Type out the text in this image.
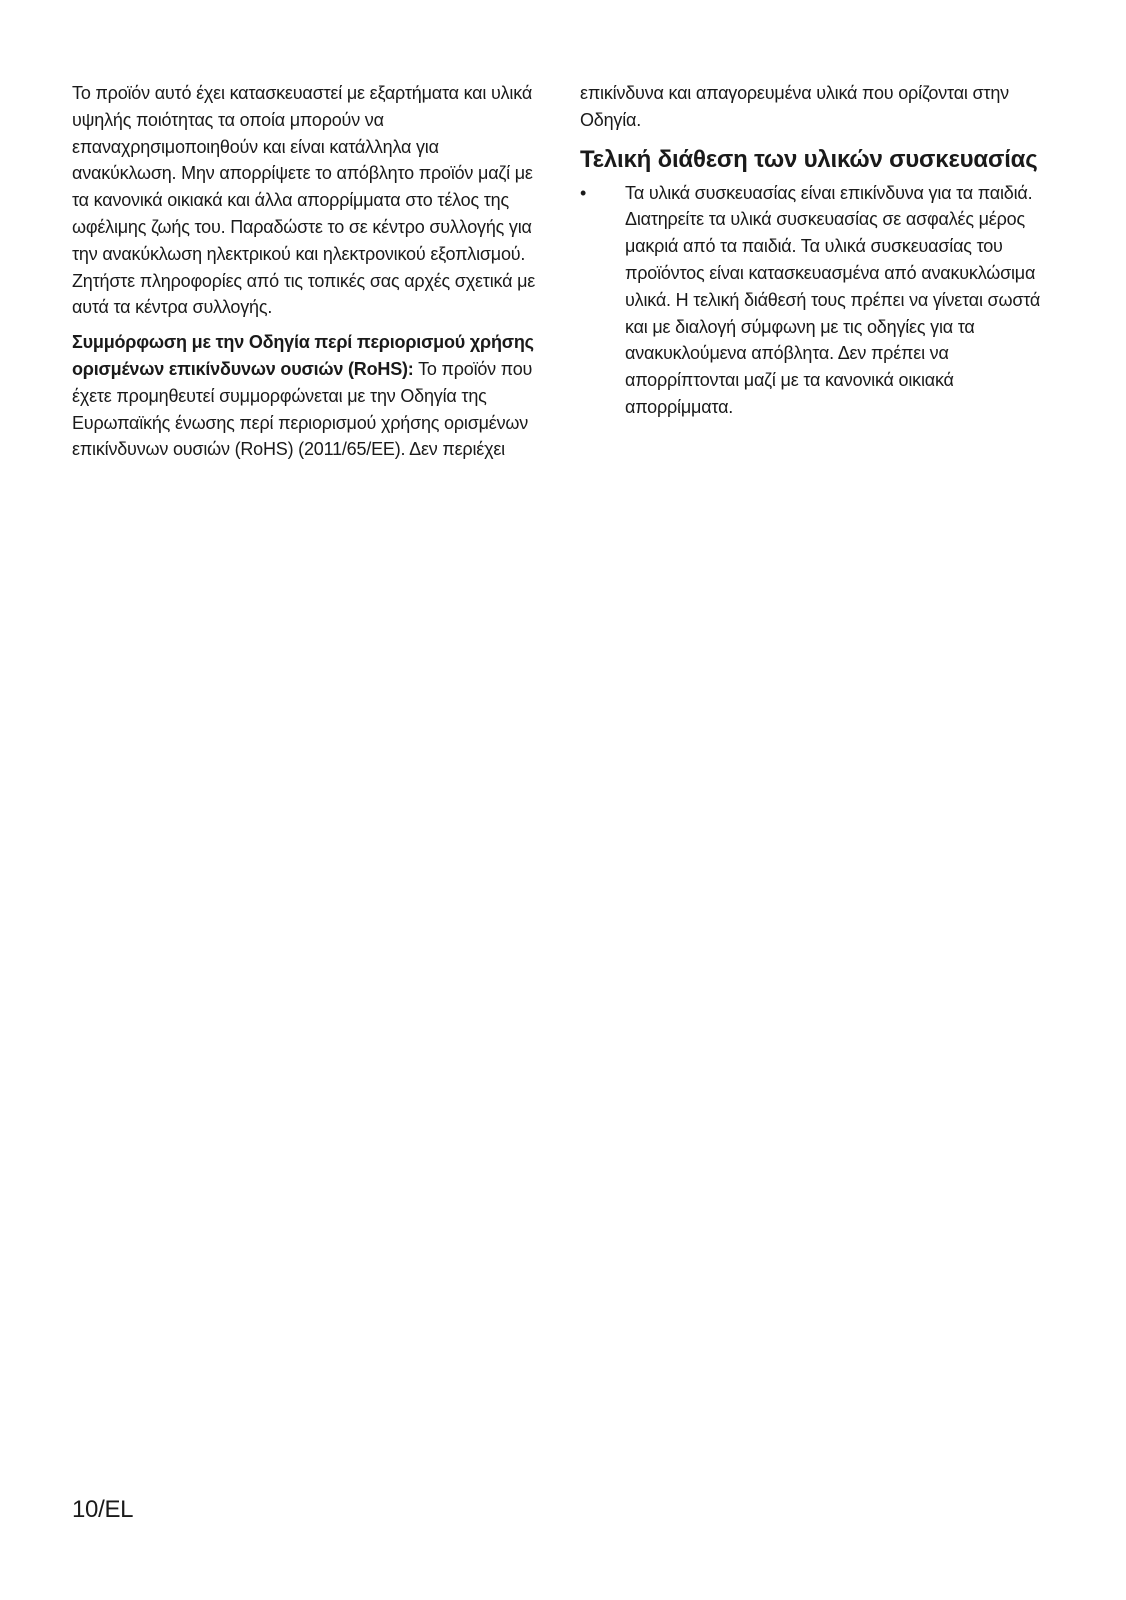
Το προϊόν αυτό έχει κατασκευαστεί με εξαρτήματα και υλικά υψηλής ποιότητας τα οποία μπορούν να επαναχρησιμοποιηθούν και είναι κατάλληλα για ανακύκλωση. Μην απορρίψετε το απόβλητο προϊόν μαζί με τα κανονικά οικιακά και άλλα απορρίμματα στο τέλος της ωφέλιμης ζωής του. Παραδώστε το σε κέντρο συλλογής για την ανακύκλωση ηλεκτρικού και ηλεκτρονικού εξοπλισμού. Ζητήστε πληροφορίες από τις τοπικές σας αρχές σχετικά με αυτά τα κέντρα συλλογής.

Συμμόρφωση με την Οδηγία περί περιορισμού χρήσης ορισμένων επικίνδυνων ουσιών (RoHS): Το προϊόν που έχετε προμηθευτεί συμμορφώνεται με την Οδηγία της Ευρωπαϊκής ένωσης περί περιορισμού χρήσης ορισμένων επικίνδυνων ουσιών (RoHS) (2011/65/ΕΕ). Δεν περιέχει

επικίνδυνα και απαγορευμένα υλικά που ορίζονται στην Οδηγία.

Τελική διάθεση των υλικών συσκευασίας
• Τα υλικά συσκευασίας είναι επικίνδυνα για τα παιδιά. Διατηρείτε τα υλικά συσκευασίας σε ασφαλές μέρος μακριά από τα παιδιά. Τα υλικά συσκευασίας του προϊόντος είναι κατασκευασμένα από ανακυκλώσιμα υλικά. Η τελική διάθεσή τους πρέπει να γίνεται σωστά και με διαλογή σύμφωνη με τις οδηγίες για τα ανακυκλούμενα απόβλητα. Δεν πρέπει να απορρίπτονται μαζί με τα κανονικά οικιακά απορρίμματα.
10/EL
